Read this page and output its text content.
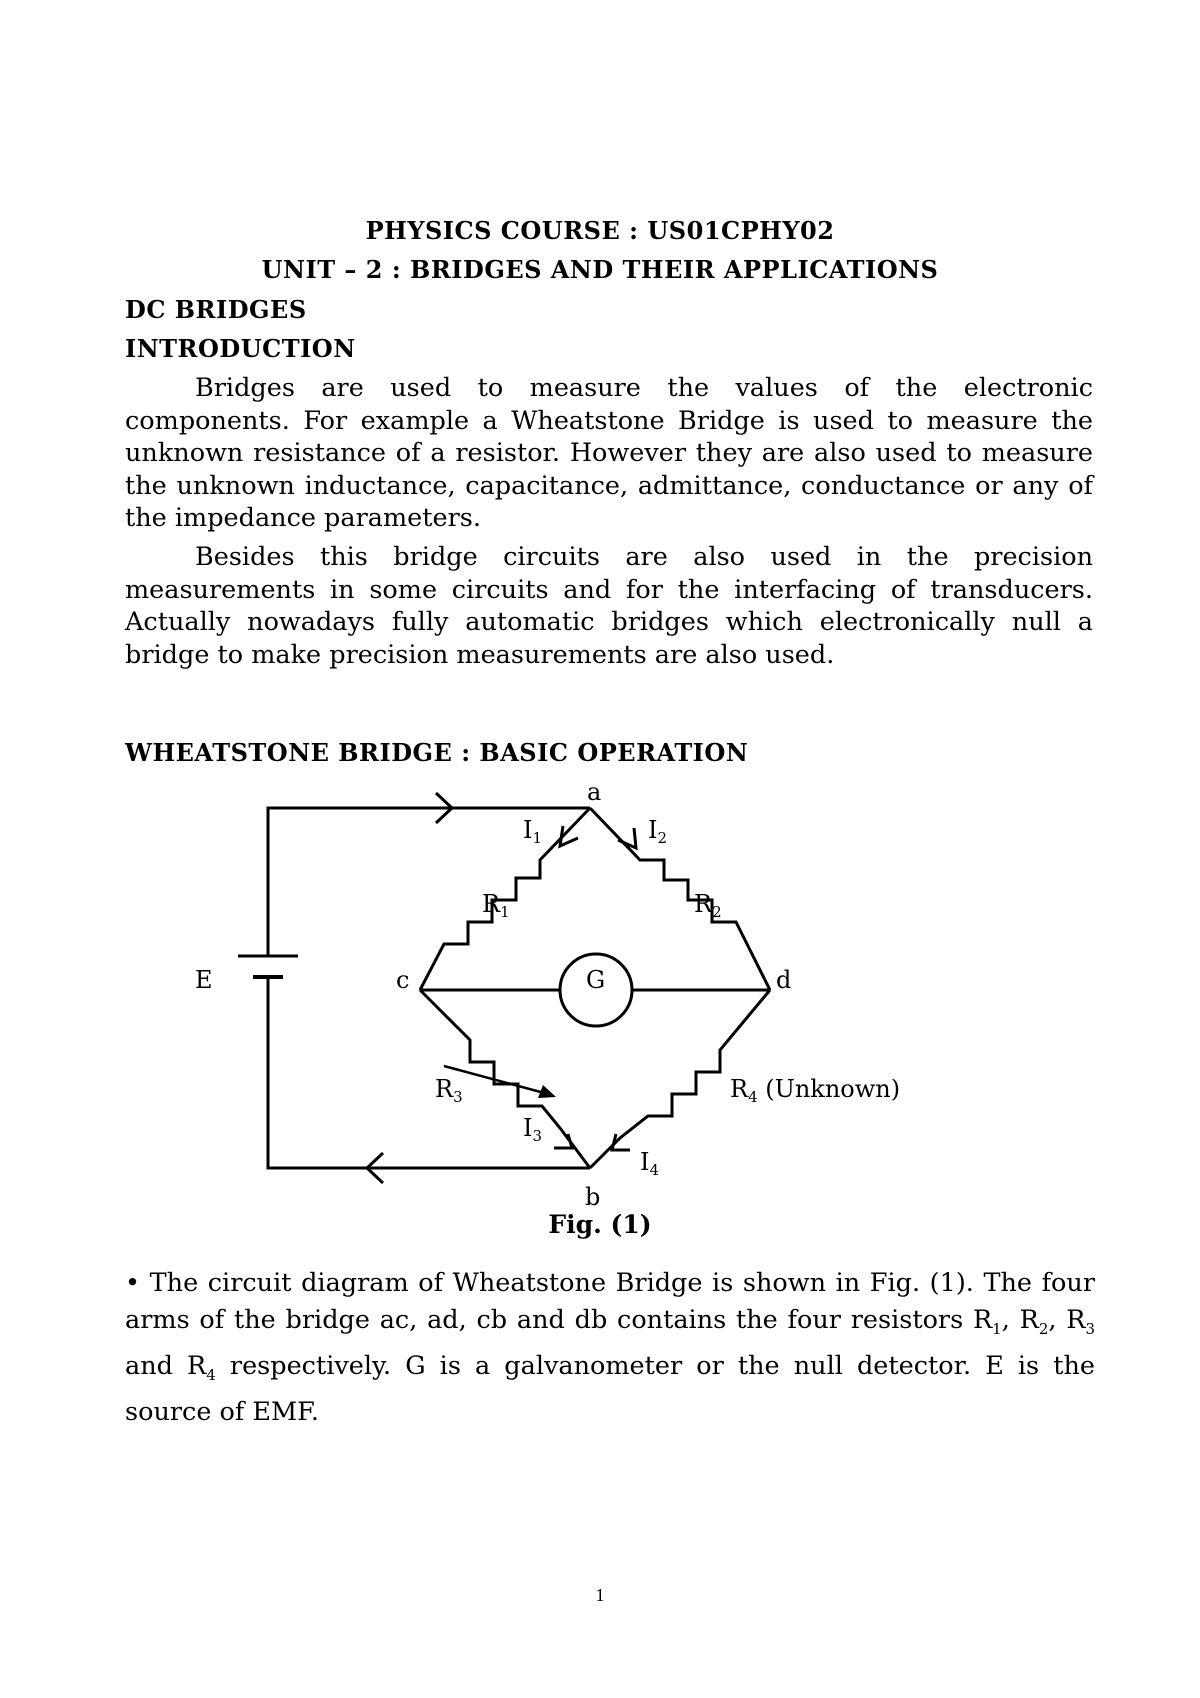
PHYSICS COURSE : US01CPHY02
UNIT – 2 : BRIDGES AND THEIR APPLICATIONS
DC BRIDGES
INTRODUCTION
Bridges are used to measure the values of the electronic components. For example a Wheatstone Bridge is used to measure the unknown resistance of a resistor. However they are also used to measure the unknown inductance, capacitance, admittance, conductance or any of the impedance parameters.
Besides this bridge circuits are also used in the precision measurements in some circuits and for the interfacing of transducers. Actually nowadays fully automatic bridges which electronically null a bridge to make precision measurements are also used.
WHEATSTONE BRIDGE : BASIC OPERATION
a
b
c	d
G
E
$I_1$	$I_2$
$I_3$
$I_4$
$R_1$	$R_2$
$R_3$	$R_4$ (Unknown)
Fig. (1)
• The circuit diagram of Wheatstone Bridge is shown in Fig. (1). The four arms of the bridge ac, ad, cb and db contains the four resistors $R_1$, $R_2$, $R_3$ and $R_4$ respectively. G is a galvanometer or the null detector. E is the source of EMF.
1
